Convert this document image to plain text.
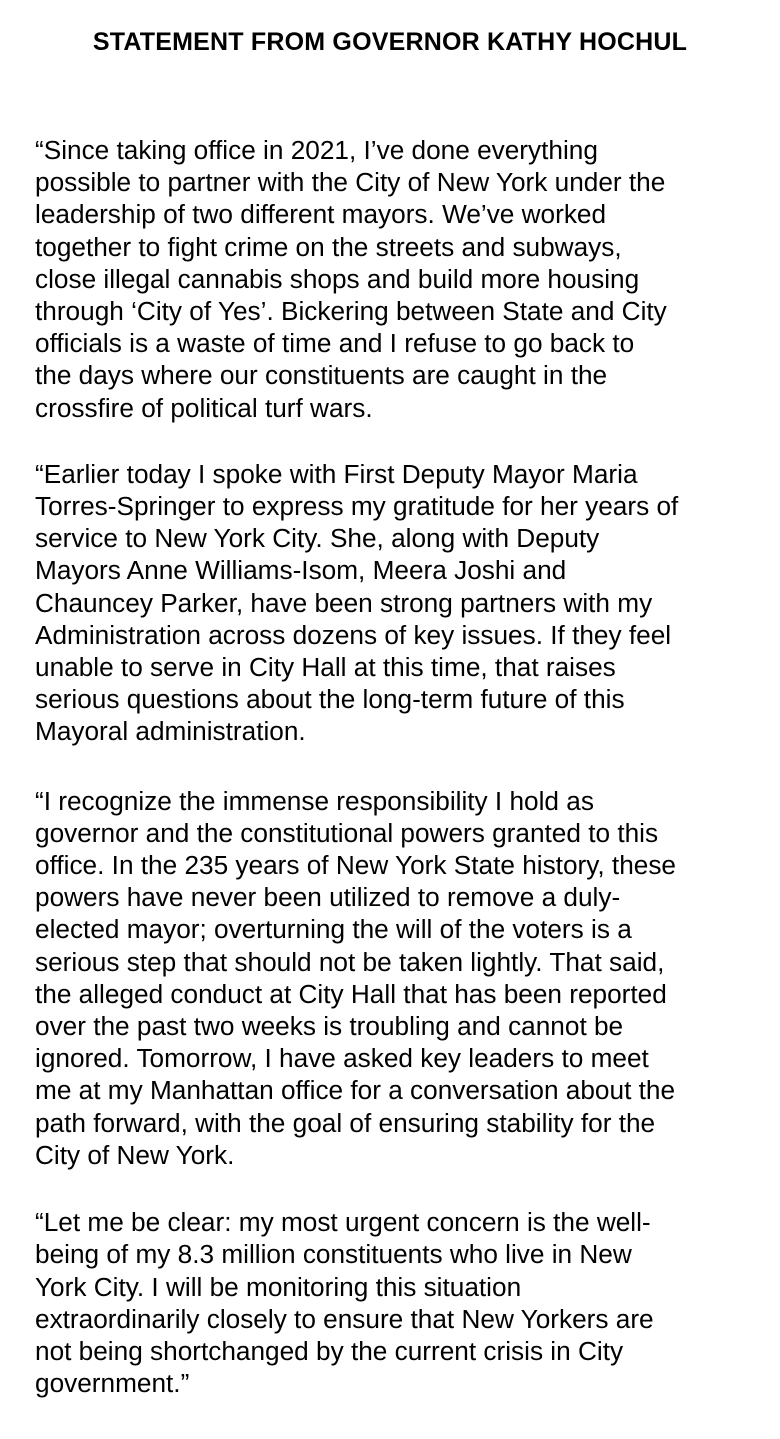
STATEMENT FROM GOVERNOR KATHY HOCHUL

“Since taking office in 2021, I’ve done everything
possible to partner with the City of New York under the
leadership of two different mayors. We’ve worked
together to fight crime on the streets and subways,
close illegal cannabis shops and build more housing
through ‘City of Yes’. Bickering between State and City
officials is a waste of time and I refuse to go back to
the days where our constituents are caught in the
crossfire of political turf wars.

“Earlier today I spoke with First Deputy Mayor Maria
Torres-Springer to express my gratitude for her years of
service to New York City. She, along with Deputy
Mayors Anne Williams-Isom, Meera Joshi and
Chauncey Parker, have been strong partners with my
Administration across dozens of key issues. If they feel
unable to serve in City Hall at this time, that raises
serious questions about the long-term future of this
Mayoral administration.

“I recognize the immense responsibility I hold as
governor and the constitutional powers granted to this
office. In the 235 years of New York State history, these
powers have never been utilized to remove a duly-
elected mayor; overturning the will of the voters is a
serious step that should not be taken lightly. That said,
the alleged conduct at City Hall that has been reported
over the past two weeks is troubling and cannot be
ignored. Tomorrow, I have asked key leaders to meet
me at my Manhattan office for a conversation about the
path forward, with the goal of ensuring stability for the
City of New York.

“Let me be clear: my most urgent concern is the well-
being of my 8.3 million constituents who live in New
York City. I will be monitoring this situation
extraordinarily closely to ensure that New Yorkers are
not being shortchanged by the current crisis in City
government.”
